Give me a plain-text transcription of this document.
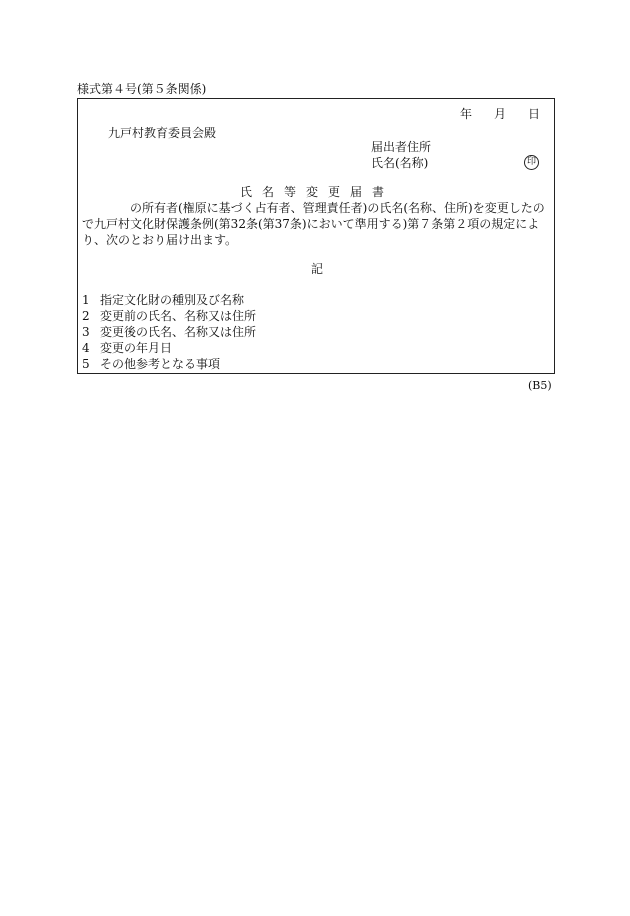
様式第４号(第５条関係)
年 月 日
九戸村教育委員会殿
届出者住所
氏名(名称)	印
氏名等変更届書
の所有者(権原に基づく占有者、管理責任者)の氏名(名称、住所)を変更したの
で九戸村文化財保護条例(第32条(第37条)において準用する)第７条第２項の規定によ
り、次のとおり届け出ます。
記
1 指定文化財の種別及び名称
2 変更前の氏名、名称又は住所
3 変更後の氏名、名称又は住所
4 変更の年月日
5 その他参考となる事項
(B5)
